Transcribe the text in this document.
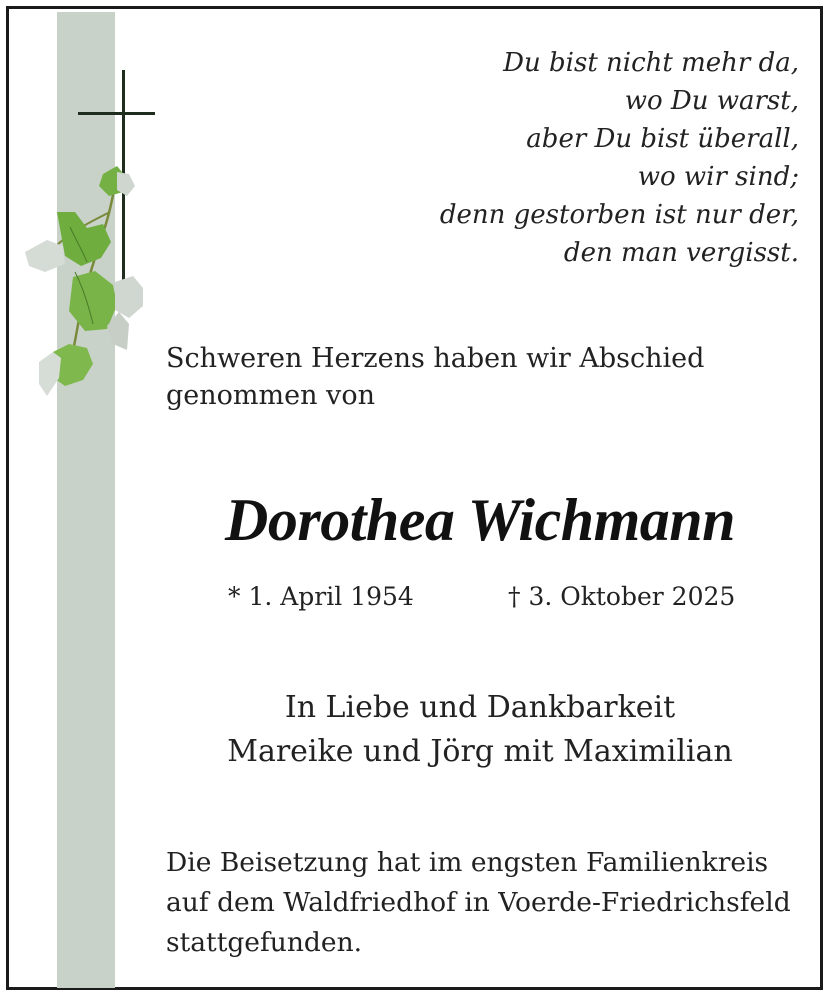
Du bist nicht mehr da,
wo Du warst,
aber Du bist überall,
wo wir sind;
denn gestorben ist nur der,
den man vergisst.
Schweren Herzens haben wir Abschied
genommen von
Dorothea Wichmann
* 1. April 1954	† 3. Oktober 2025
In Liebe und Dankbarkeit
Mareike und Jörg mit Maximilian
Die Beisetzung hat im engsten Familienkreis
auf dem Waldfriedhof in Voerde-Friedrichsfeld
stattgefunden.
